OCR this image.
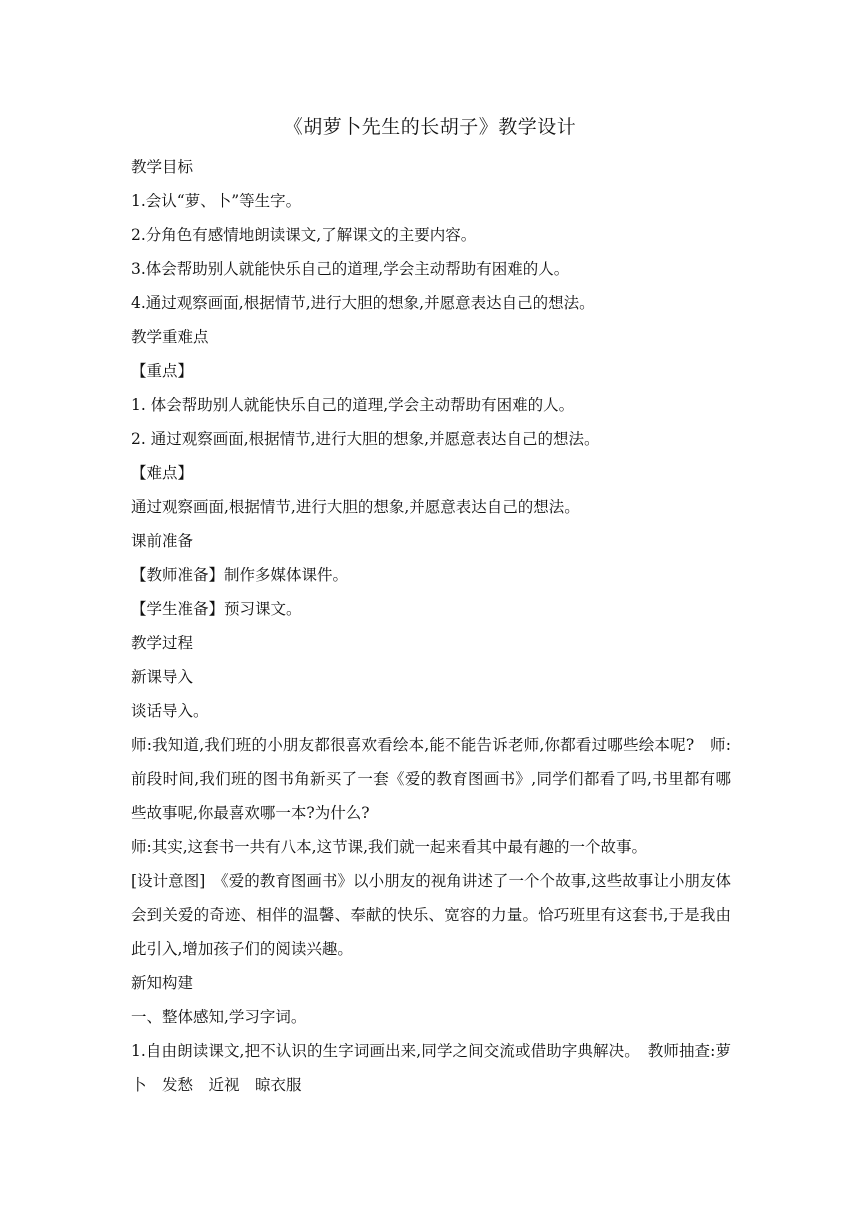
《胡萝卜先生的长胡子》教学设计
教学目标
1.会认“萝、卜”等生字。
2.分角色有感情地朗读课文,了解课文的主要内容。
3.体会帮助别人就能快乐自己的道理,学会主动帮助有困难的人。
4.通过观察画面,根据情节,进行大胆的想象,并愿意表达自己的想法。
教学重难点
【重点】
1. 体会帮助别人就能快乐自己的道理,学会主动帮助有困难的人。
2. 通过观察画面,根据情节,进行大胆的想象,并愿意表达自己的想法。
【难点】
通过观察画面,根据情节,进行大胆的想象,并愿意表达自己的想法。
课前准备
【教师准备】制作多媒体课件。
【学生准备】预习课文。
教学过程
新课导入
谈话导入。
师:我知道,我们班的小朋友都很喜欢看绘本,能不能告诉老师,你都看过哪些绘本呢?　师:前段时间,我们班的图书角新买了一套《爱的教育图画书》,同学们都看了吗,书里都有哪些故事呢,你最喜欢哪一本?为什么?
师:其实,这套书一共有八本,这节课,我们就一起来看其中最有趣的一个故事。
[设计意图]　《爱的教育图画书》以小朋友的视角讲述了一个个故事,这些故事让小朋友体会到关爱的奇迹、相伴的温馨、奉献的快乐、宽容的力量。恰巧班里有这套书,于是我由此引入,增加孩子们的阅读兴趣。
新知构建
一、整体感知,学习字词。
1.自由朗读课文,把不认识的生字词画出来,同学之间交流或借助字典解决。　教师抽查:萝卜　发愁　近视　晾衣服
